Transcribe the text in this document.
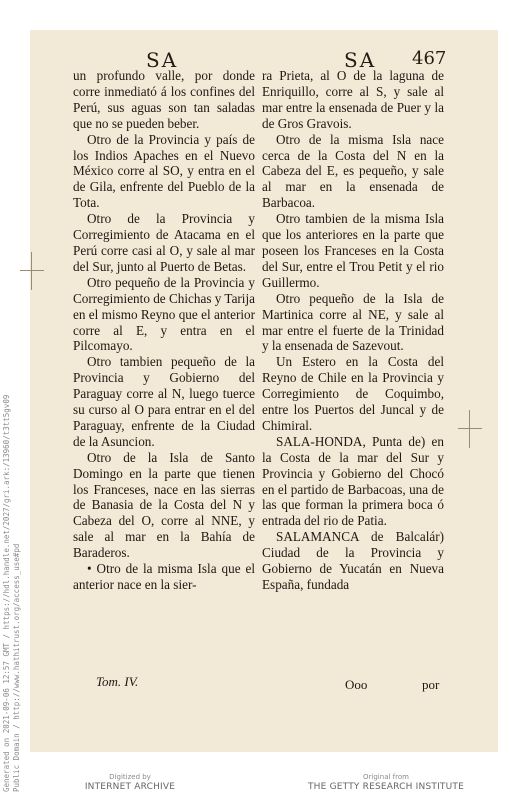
Generated on 2021-09-06 12:57 GMT / https://hdl.handle.net/2027/gri.ark:/13960/t3tt5gv09 Public Domain / http://www.hathitrust.org/access_use#pd
SA	SA 467

un profundo valle, por donde corre inmediató á los confines del Perú, sus aguas son tan saladas que no se pueden beber.

Otro de la Provincia y país de los Indios Apaches en el Nuevo México corre al SO, y entra en el de Gila, enfrente del Pueblo de la Tota.

Otro de la Provincia y Corregimiento de Atacama en el Perú corre casi al O, y sale al mar del Sur, junto al Puerto de Betas.

Otro pequeño de la Provincia y Corregimiento de Chichas y Tarija en el mismo Reyno que el anterior corre al E, y entra en el Pilcomayo.

Otro tambien pequeño de la Provincia y Gobierno del Paraguay corre al N, luego tuerce su curso al O para entrar en el del Paraguay, enfrente de la Ciudad de la Asuncion.

Otro de la Isla de Santo Domingo en la parte que tienen los Franceses, nace en las sierras de Banasia de la Costa del N y Cabeza del O, corre al NNE, y sale al mar en la Bahía de Baraderos.

• Otro de la misma Isla que el anterior nace en la sier-

ra Prieta, al O de la laguna de Enriquillo, corre al S, y sale al mar entre la ensenada de Puer y la de Gros Gravois.

Otro de la misma Isla nace cerca de la Costa del N en la Cabeza del E, es pequeño, y sale al mar en la ensenada de Barbacoa.

Otro tambien de la misma Isla que los anteriores en la parte que poseen los Franceses en la Costa del Sur, entre el Trou Petit y el rio Guillermo.

Otro pequeño de la Isla de Martinica corre al NE, y sale al mar entre el fuerte de la Trinidad y la ensenada de Sazevout.

Un Estero en la Costa del Reyno de Chile en la Provincia y Corregimiento de Coquimbo, entre los Puertos del Juncal y de Chimiral.

SALA-HONDA, Punta de) en la Costa de la mar del Sur y Provincia y Gobierno del Chocó en el partido de Barbacoas, una de las que forman la primera boca ó entrada del rio de Patia.

SALAMANCA de Balcalár) Ciudad de la Provincia y Gobierno de Yucatán en Nueva España, fundada

Tom. IV.	Ooo	por
Digitized by
INTERNET ARCHIVE
Original from
THE GETTY RESEARCH INSTITUTE
